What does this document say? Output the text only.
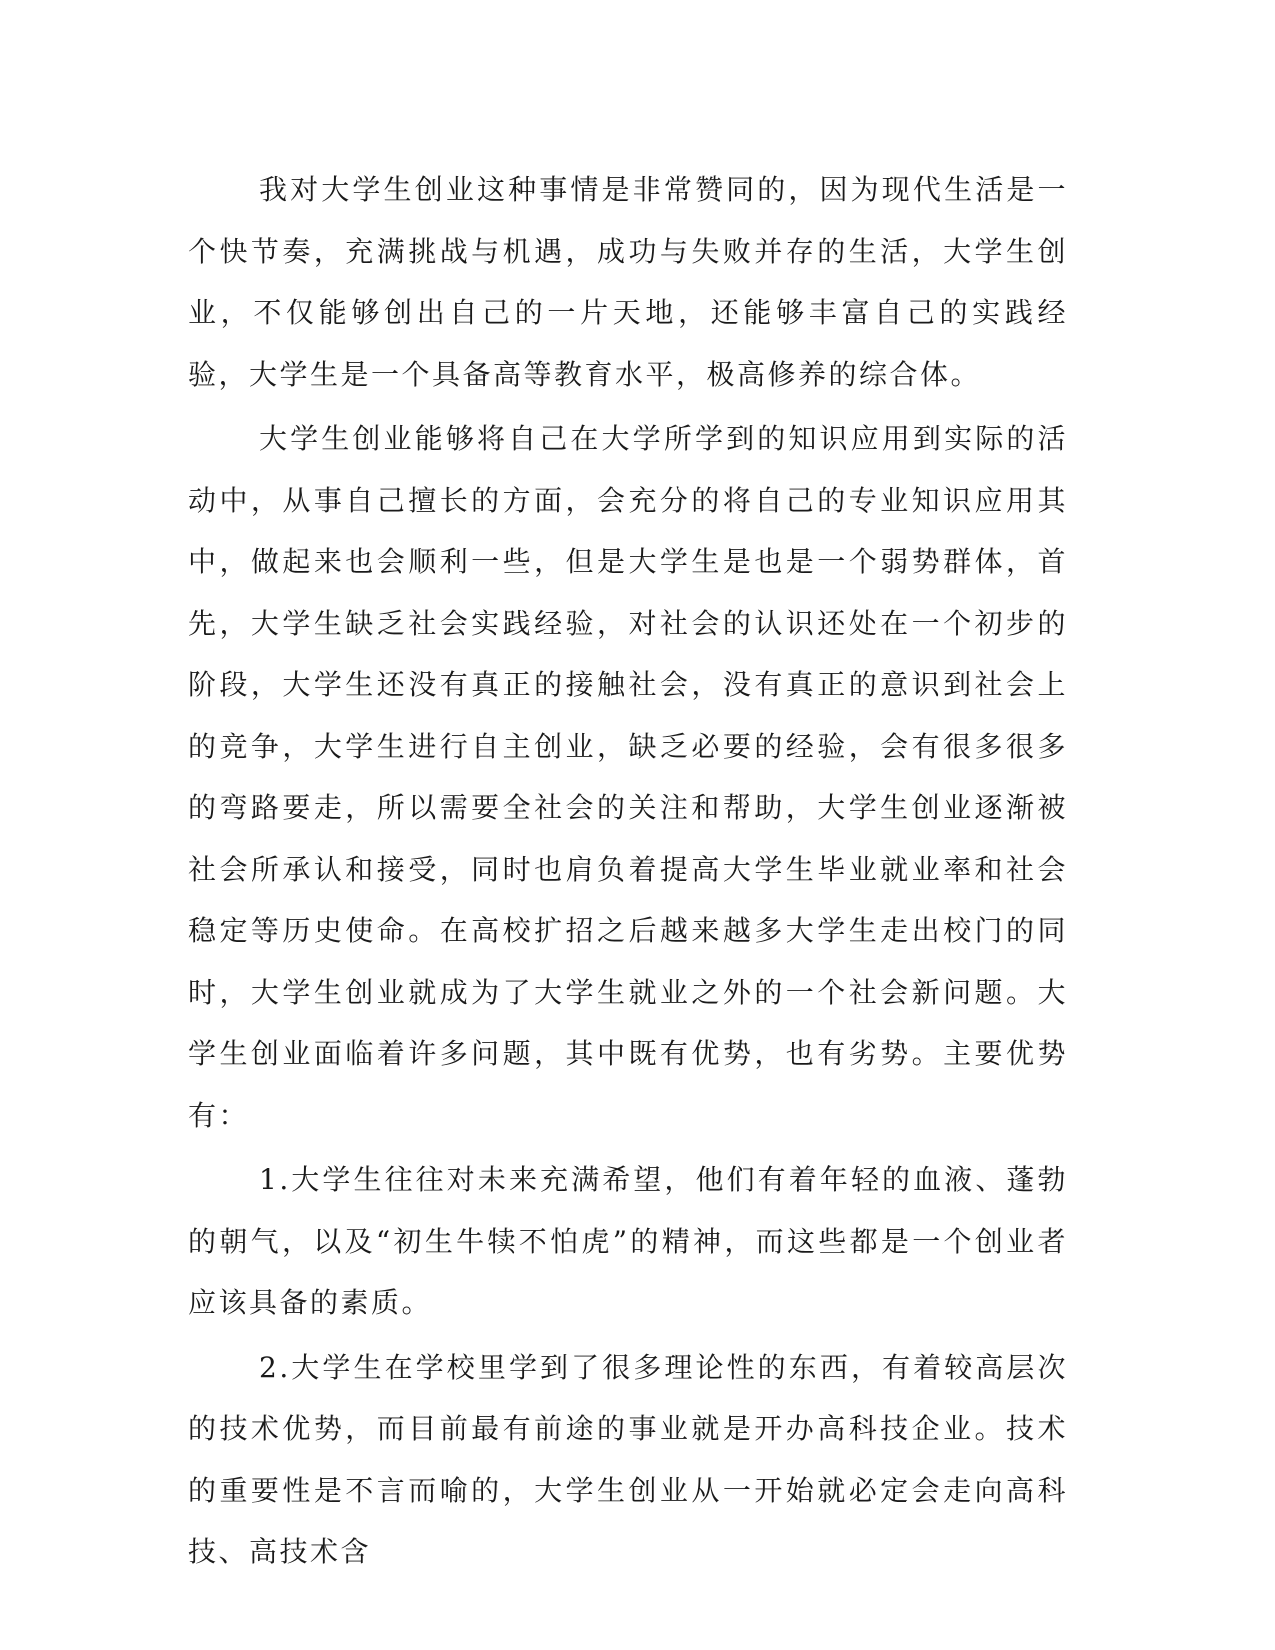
我对大学生创业这种事情是非常赞同的，因为现代生活是一个快节奏，充满挑战与机遇，成功与失败并存的生活，大学生创业，不仅能够创出自己的一片天地，还能够丰富自己的实践经验，大学生是一个具备高等教育水平，极高修养的综合体。

大学生创业能够将自己在大学所学到的知识应用到实际的活动中，从事自己擅长的方面，会充分的将自己的专业知识应用其中，做起来也会顺利一些，但是大学生是也是一个弱势群体，首先，大学生缺乏社会实践经验，对社会的认识还处在一个初步的阶段，大学生还没有真正的接触社会，没有真正的意识到社会上的竞争，大学生进行自主创业，缺乏必要的经验，会有很多很多的弯路要走，所以需要全社会的关注和帮助，大学生创业逐渐被社会所承认和接受，同时也肩负着提高大学生毕业就业率和社会稳定等历史使命。在高校扩招之后越来越多大学生走出校门的同时，大学生创业就成为了大学生就业之外的一个社会新问题。大学生创业面临着许多问题，其中既有优势，也有劣势。主要优势有：

1.大学生往往对未来充满希望，他们有着年轻的血液、蓬勃的朝气，以及“初生牛犊不怕虎”的精神，而这些都是一个创业者应该具备的素质。

2.大学生在学校里学到了很多理论性的东西，有着较高层次的技术优势，而目前最有前途的事业就是开办高科技企业。技术的重要性是不言而喻的，大学生创业从一开始就必定会走向高科技、高技术含
